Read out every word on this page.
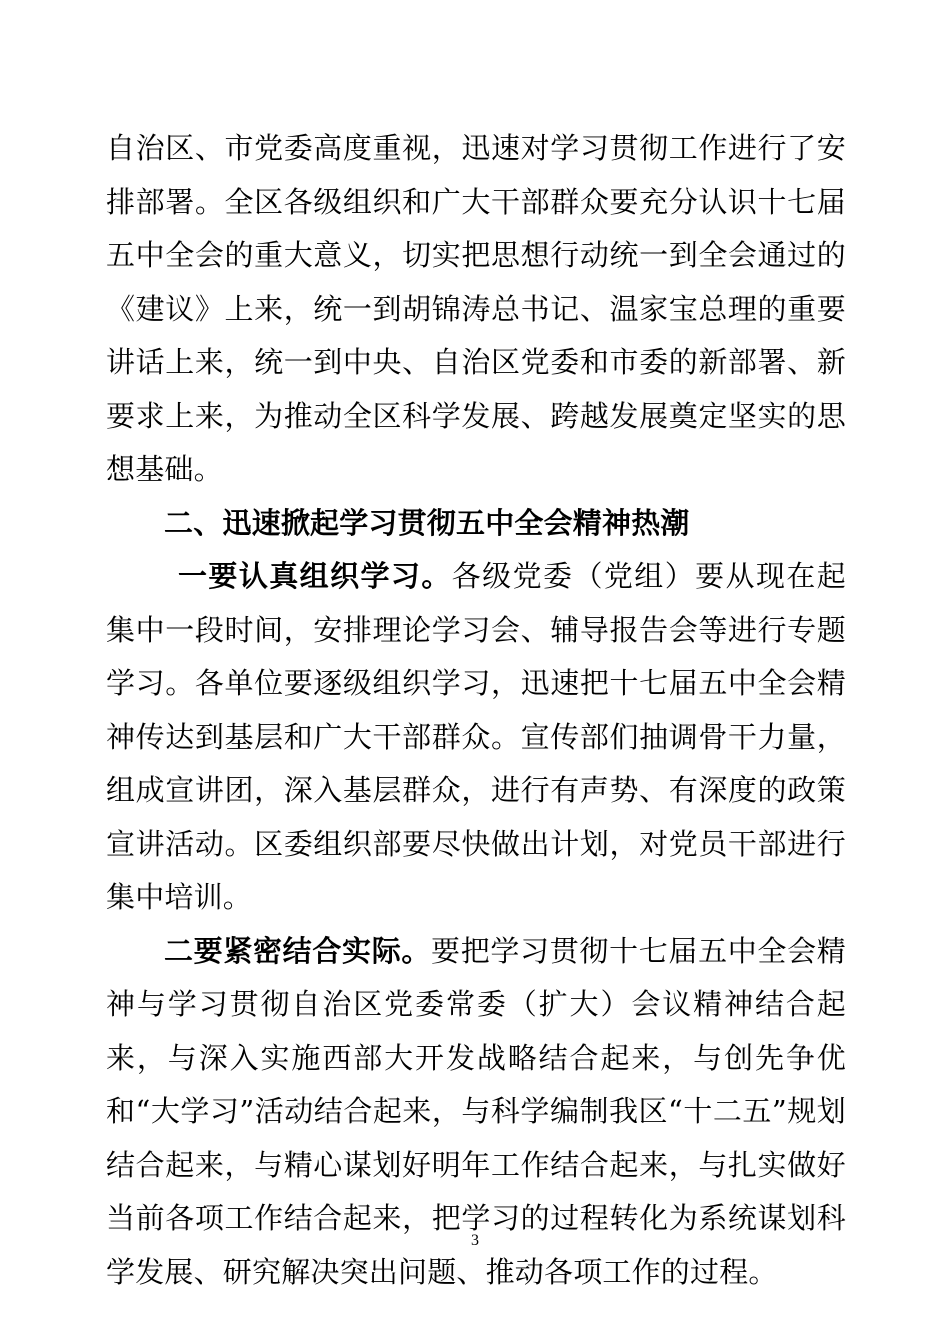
自治区、市党委高度重视，迅速对学习贯彻工作进行了安排部署。全区各级组织和广大干部群众要充分认识十七届五中全会的重大意义，切实把思想行动统一到全会通过的《建议》上来，统一到胡锦涛总书记、温家宝总理的重要讲话上来，统一到中央、自治区党委和市委的新部署、新要求上来，为推动全区科学发展、跨越发展奠定坚实的思想基础。

二、迅速掀起学习贯彻五中全会精神热潮

一要认真组织学习。各级党委（党组）要从现在起集中一段时间，安排理论学习会、辅导报告会等进行专题学习。各单位要逐级组织学习，迅速把十七届五中全会精神传达到基层和广大干部群众。宣传部们抽调骨干力量，组成宣讲团，深入基层群众，进行有声势、有深度的政策宣讲活动。区委组织部要尽快做出计划，对党员干部进行集中培训。

二要紧密结合实际。要把学习贯彻十七届五中全会精神与学习贯彻自治区党委常委（扩大）会议精神结合起来，与深入实施西部大开发战略结合起来，与创先争优和“大学习”活动结合起来，与科学编制我区“十二五”规划结合起来，与精心谋划好明年工作结合起来，与扎实做好当前各项工作结合起来，把学习的过程转化为系统谋划科学发展、研究解决突出问题、推动各项工作的过程。

3
